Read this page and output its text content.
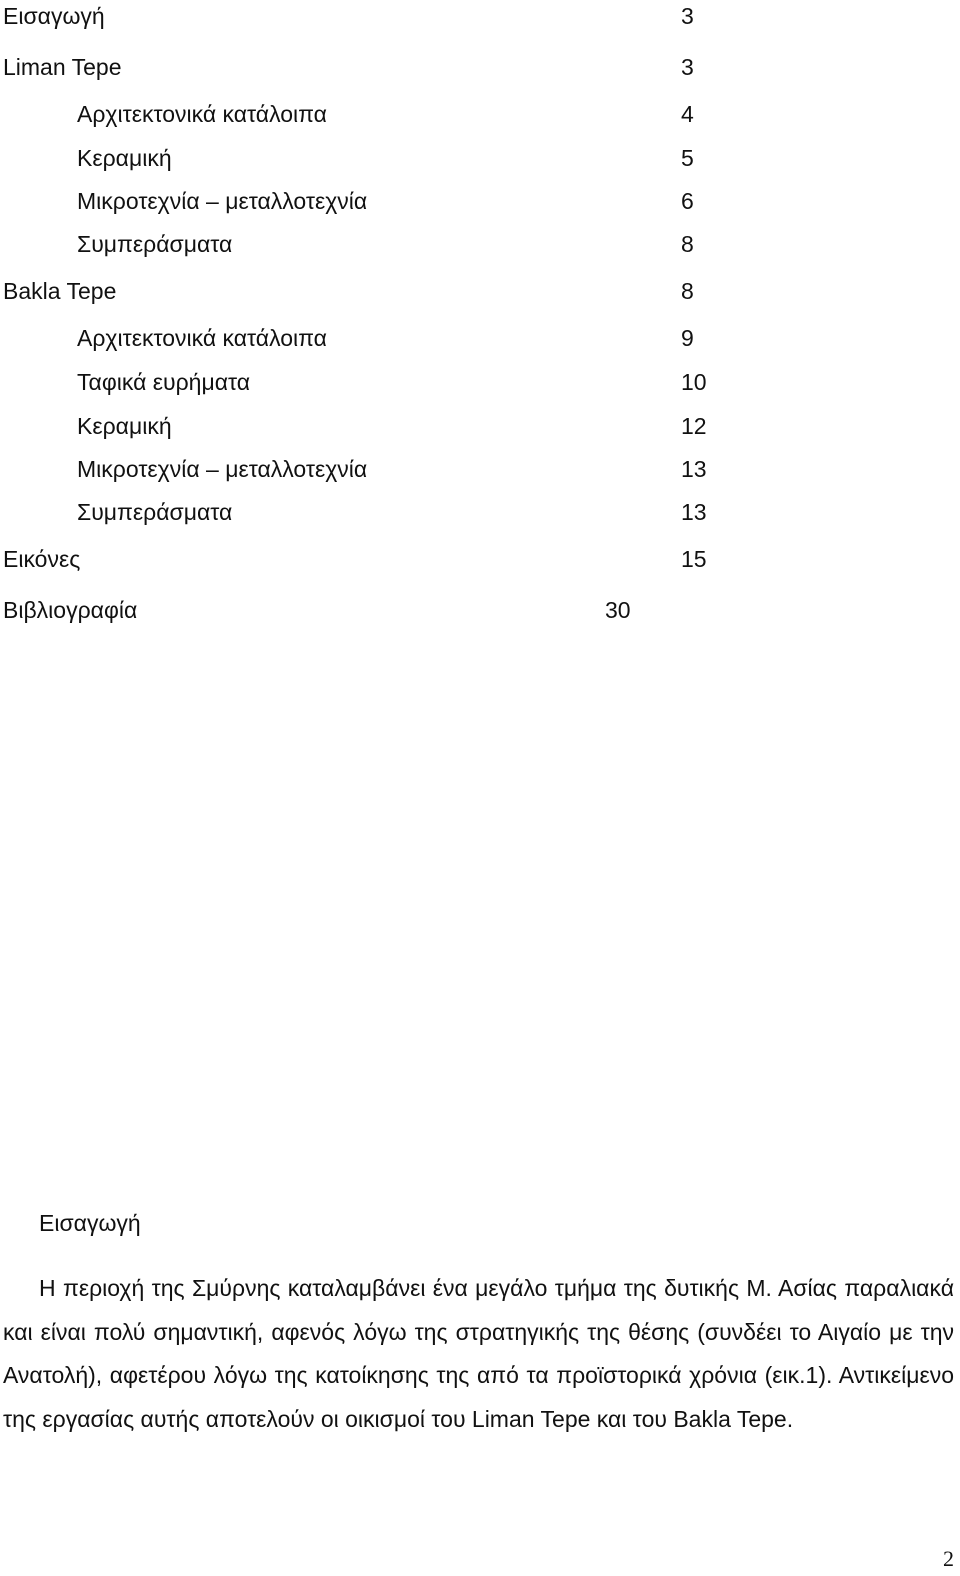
Εισαγωγή	3
Liman Tepe	3
Αρχιτεκτονικά κατάλοιπα	4
Κεραμική	5
Μικροτεχνία – μεταλλοτεχνία	6
Συμπεράσματα	8
Bakla Tepe	8
Αρχιτεκτονικά κατάλοιπα	9
Ταφικά ευρήματα	10
Κεραμική	12
Μικροτεχνία – μεταλλοτεχνία	13
Συμπεράσματα	13
Εικόνες	15
Βιβλιογραφία	30
Εισαγωγή

Η περιοχή της Σμύρνης καταλαμβάνει ένα μεγάλο τμήμα της δυτικής Μ. Ασίας παραλιακά και είναι πολύ σημαντική, αφενός λόγω της στρατηγικής της θέσης (συνδέει το Αιγαίο με την Ανατολή), αφετέρου λόγω της κατοίκησης της από τα προϊστορικά χρόνια (εικ.1). Αντικείμενο της εργασίας αυτής αποτελούν οι οικισμοί του Liman Tepe και του Bakla Tepe.

2
